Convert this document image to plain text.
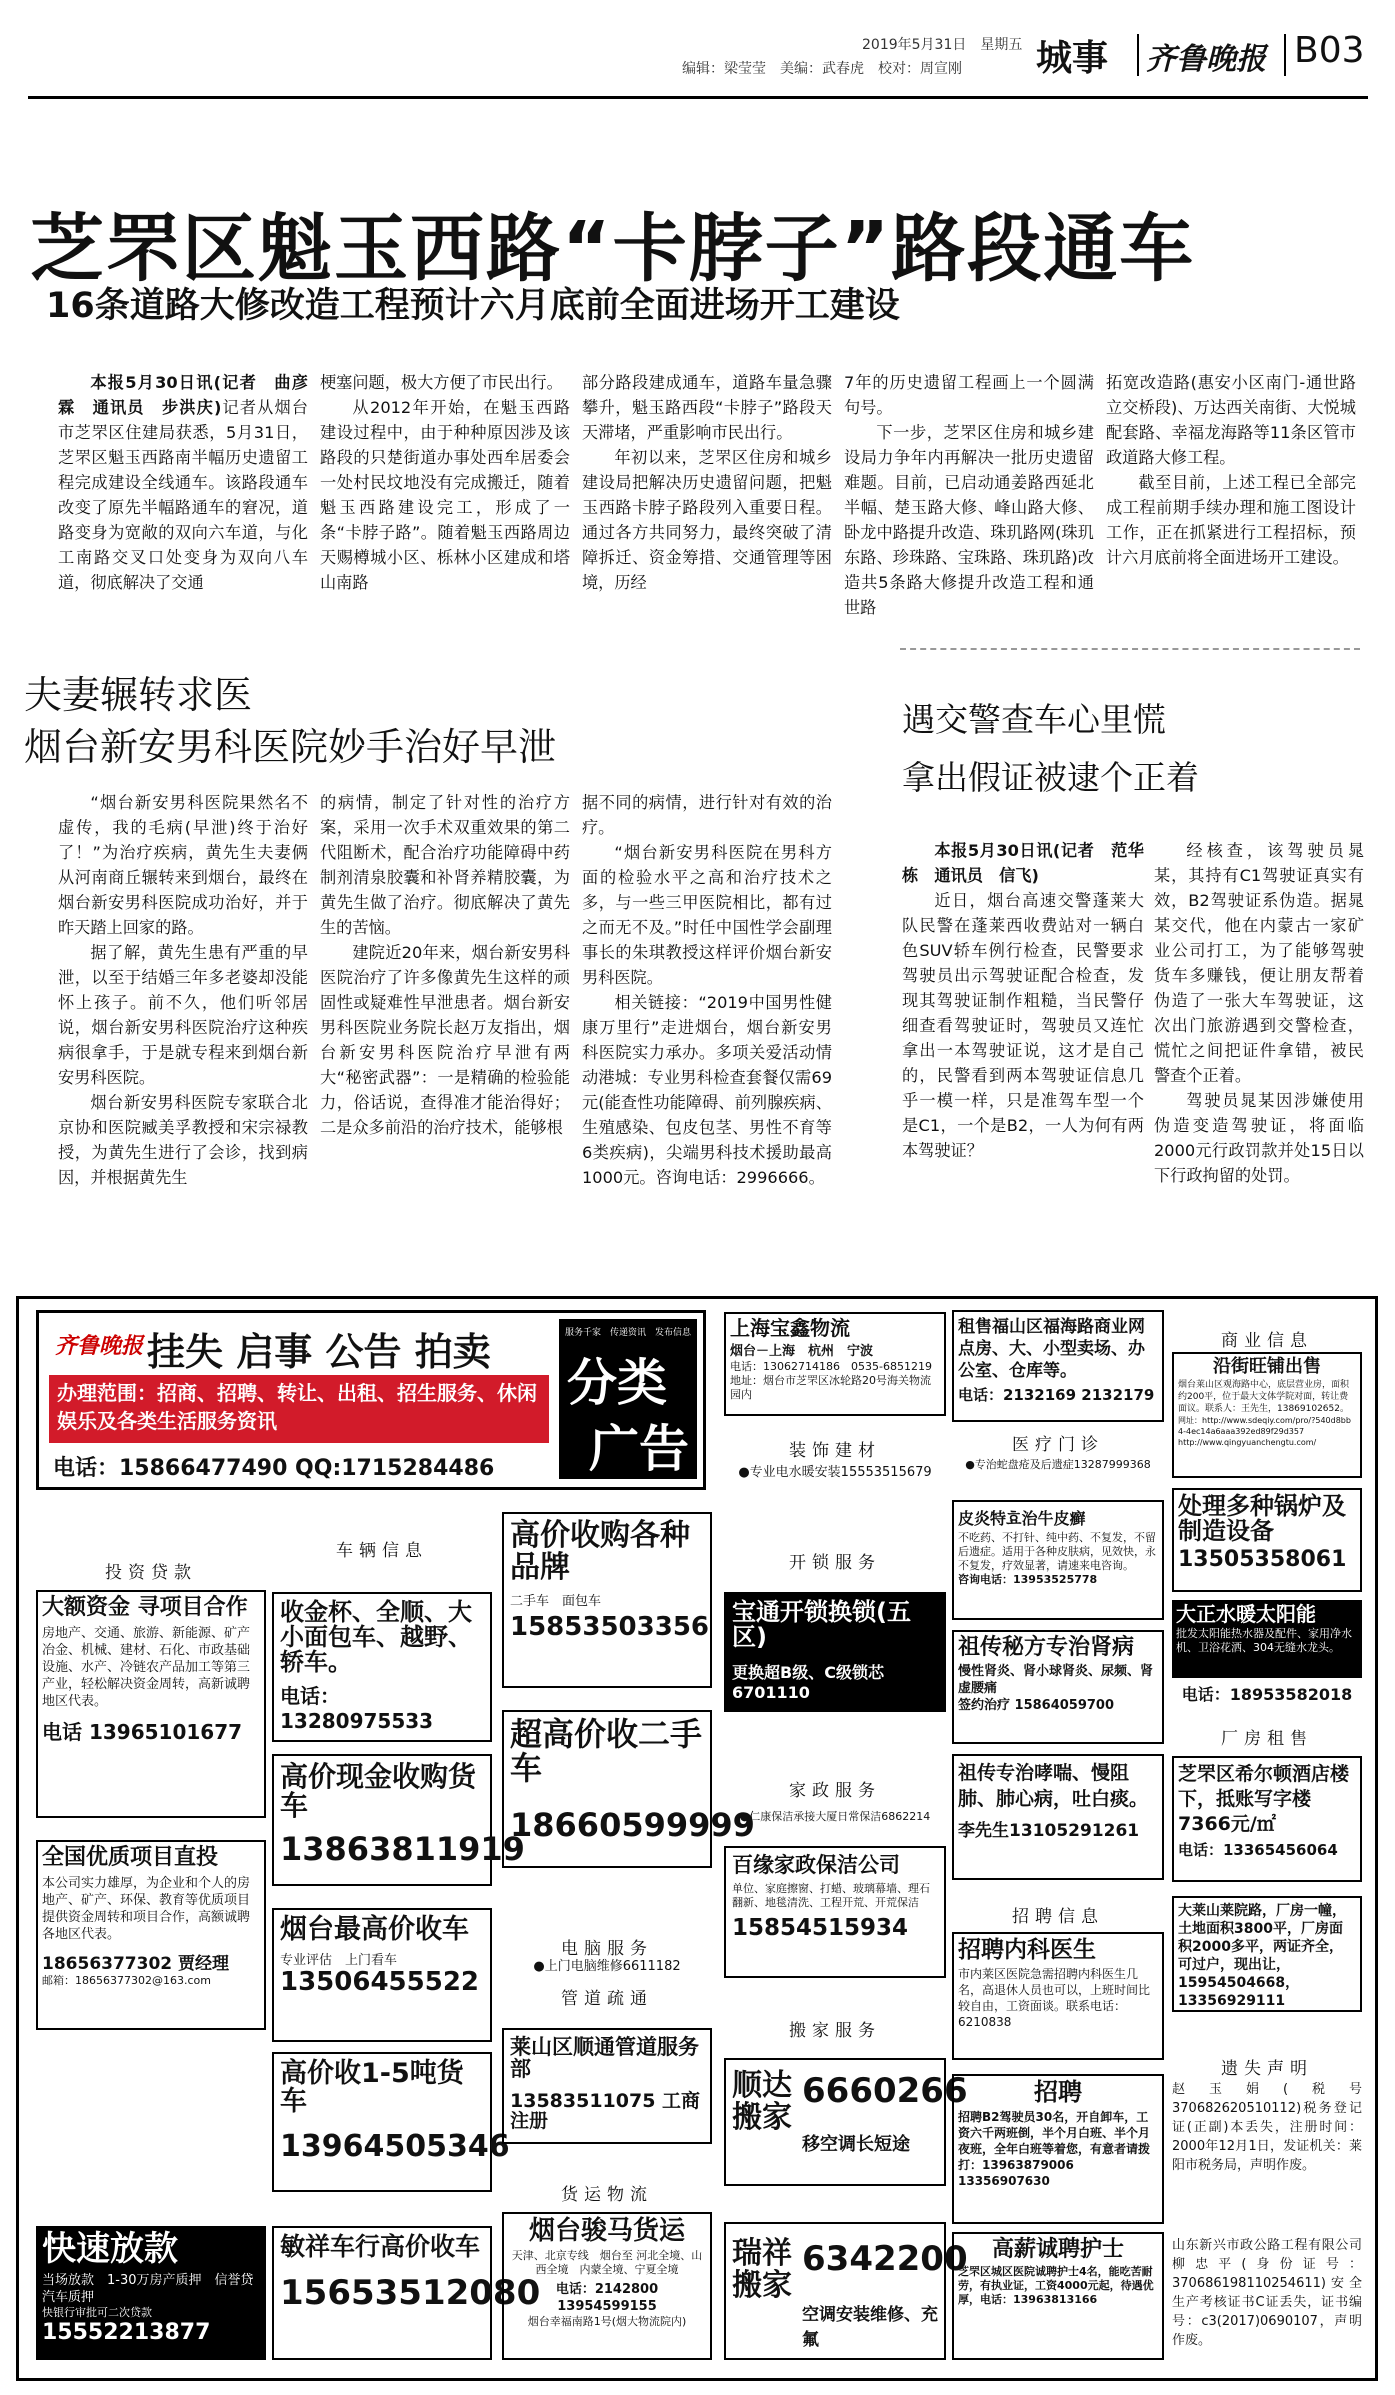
2019年5月31日　星期五
编辑：梁莹莹　美编：武春虎　校对：周宣刚 城事 齐鲁晚报 B03
芝罘区魁玉西路“卡脖子”路段通车
16条道路大修改造工程预计六月底前全面进场开工建设

本报5月30日讯(记者　曲彦霖　通讯员　步洪庆)记者从烟台市芝罘区住建局获悉，5月31日，芝罘区魁玉西路南半幅历史遗留工程完成建设全线通车。该路段通车改变了原先半幅路通车的窘况，道路变身为宽敞的双向六车道，与化工南路交叉口处变身为双向八车道，彻底解决了交通

梗塞问题，极大方便了市民出行。

从2012年开始，在魁玉西路建设过程中，由于种种原因涉及该路段的只楚街道办事处西牟居委会一处村民坟地没有完成搬迁，随着魁玉西路建设完工，形成了一条“卡脖子路”。随着魁玉西路周边天赐樽城小区、栎林小区建成和塔山南路

部分路段建成通车，道路车量急骤攀升，魁玉路西段“卡脖子”路段天天滞堵，严重影响市民出行。

年初以来，芝罘区住房和城乡建设局把解决历史遗留问题，把魁玉西路卡脖子路段列入重要日程。通过各方共同努力，最终突破了清障拆迁、资金筹措、交通管理等困境，历经

7年的历史遗留工程画上一个圆满句号。

下一步，芝罘区住房和城乡建设局力争年内再解决一批历史遗留难题。目前，已启动通姜路西延北半幅、楚玉路大修、峰山路大修、卧龙中路提升改造、珠玑路网(珠玑东路、珍珠路、宝珠路、珠玑路)改造共5条路大修提升改造工程和通世路

拓宽改造路(惠安小区南门-通世路立交桥段)、万达西关南街、大悦城配套路、幸福龙海路等11条区管市政道路大修工程。

截至目前，上述工程已全部完成工程前期手续办理和施工图设计工作，正在抓紧进行工程招标，预计六月底前将全面进场开工建设。

夫妻辗转求医
烟台新安男科医院妙手治好早泄

“烟台新安男科医院果然名不虚传，我的毛病(早泄)终于治好了！”为治疗疾病，黄先生夫妻俩从河南商丘辗转来到烟台，最终在烟台新安男科医院成功治好，并于昨天踏上回家的路。

据了解，黄先生患有严重的早泄，以至于结婚三年多老婆却没能怀上孩子。前不久，他们听邻居说，烟台新安男科医院治疗这种疾病很拿手，于是就专程来到烟台新安男科医院。

烟台新安男科医院专家联合北京协和医院臧美孚教授和宋宗禄教授，为黄先生进行了会诊，找到病因，并根据黄先生

的病情，制定了针对性的治疗方案，采用一次手术双重效果的第二代阻断术，配合治疗功能障碍中药制剂清泉胶囊和补肾养精胶囊，为黄先生做了治疗。彻底解决了黄先生的苦恼。

建院近20年来，烟台新安男科医院治疗了许多像黄先生这样的顽固性或疑难性早泄患者。烟台新安男科医院业务院长赵万友指出，烟台新安男科医院治疗早泄有两大“秘密武器”：一是精确的检验能力，俗话说，查得准才能治得好；二是众多前沿的治疗技术，能够根

据不同的病情，进行针对有效的治疗。

“烟台新安男科医院在男科方面的检验水平之高和治疗技术之多，与一些三甲医院相比，都有过之而无不及。”时任中国性学会副理事长的朱琪教授这样评价烟台新安男科医院。

相关链接：“2019中国男性健康万里行”走进烟台，烟台新安男科医院实力承办。多项关爱活动情动港城：专业男科检查套餐仅需69元(能查性功能障碍、前列腺疾病、生殖感染、包皮包茎、男性不育等6类疾病)，尖端男科技术援助最高1000元。咨询电话：2996666。

遇交警查车心里慌
拿出假证被逮个正着

本报5月30日讯(记者　范华栋　通讯员　信飞)

近日，烟台高速交警蓬莱大队民警在蓬莱西收费站对一辆白色SUV轿车例行检查，民警要求驾驶员出示驾驶证配合检查，发现其驾驶证制作粗糙，当民警仔细查看驾驶证时，驾驶员又连忙拿出一本驾驶证说，这才是自己的，民警看到两本驾驶证信息几乎一模一样，只是准驾车型一个是C1，一个是B2，一人为何有两本驾驶证？

经核查，该驾驶员晁某，其持有C1驾驶证真实有效，B2驾驶证系伪造。据晁某交代，他在内蒙古一家矿业公司打工，为了能够驾驶货车多赚钱，便让朋友帮着伪造了一张大车驾驶证，这次出门旅游遇到交警检查，慌忙之间把证件拿错，被民警查个正着。

驾驶员晁某因涉嫌使用伪造变造驾驶证，将面临2000元行政罚款并处15日以下行政拘留的处罚。

齐鲁晚报 挂失 启事 公告 拍卖
办理范围：招商、招聘、转让、出租、招生服务、休闲娱乐及各类生活服务资讯
电话：15866477490 QQ:1715284486
服务千家　传递资讯　发布信息
分类
广告
投资贷款
大额资金 寻项目合作
房地产、交通、旅游、新能源、矿产冶金、机械、建材、石化、市政基础设施、水产、冷链农产品加工等第三产业，轻松解决资金周转，高新诚聘地区代表。
电话 13965101677
全国优质项目直投
本公司实力雄厚，为企业和个人的房地产、矿产、环保、教育等优质项目提供资金周转和项目合作，高额诚聘各地区代表。
18656377302 贾经理
邮箱：18656377302@163.com
快速放款
当场放款　1-30万房产质押　信誉贷汽车质押
快银行审批可二次贷款
15552213877
车辆信息
收金杯、全顺、大小面包车、越野、轿车。
电话：13280975533
高价现金收购货车
13863811919
烟台最高价收车
专业评估　上门看车
13506455522
高价收1-5吨货车
13964505346
敏祥车行高价收车
15653512080
高价收购各种品牌
二手车　面包车
15853503356
超高价收二手车
18660599999
电脑服务
●上门电脑维修6611182
管道疏通
莱山区顺通管道服务部
13583511075 工商注册
货运物流
烟台骏马货运
天津、北京专线　烟台至 河北全境、山西全境　内蒙全境、宁夏全境
电话：2142800　13954599155
烟台幸福南路1号(烟大物流院内)
上海宝鑫物流
烟台－上海　杭州　宁波
电话：13062714186　0535-6851219
地址：烟台市芝罘区冰轮路20号海关物流园内
装饰建材
●专业电水暖安装15553515679
开锁服务
宝通开锁换锁(五区)
更换超B级、C级锁芯6701110
家政服务
●仁康保洁承接大厦日常保洁6862214
百缘家政保洁公司
单位、家庭擦窗、打蜡、玻璃幕墙、理石翻新、地毯清洗、工程开荒、开荒保洁
15854515934
搬家服务
顺达搬家
6660266
移空调长短途
瑞祥搬家
6342200
空调安装维修、充氟
租售福山区福海路商业网点房、大、小型卖场、办公室、仓库等。
电话：2132169 2132179
医疗门诊
●专治蛇盘疮及后遗症13287999368
皮炎特효治牛皮癣
不吃药、不打针、纯中药、不复发，不留后遗症。适用于各种皮肤病，见效快，永不复发，疗效显著，请速来电咨询。
咨询电话：13953525778
祖传秘方专治肾病
慢性肾炎、肾小球肾炎、尿频、肾虚腰痛
签约治疗 15864059700
祖传专治哮喘、慢阻肺、肺心病，吐白痰。
李先生13105291261
招聘信息
招聘内科医生
市内莱区医院急需招聘内科医生几名，高退休人员也可以，上班时间比较自由，工资面谈。联系电话：6210838
招聘
招聘B2驾驶员30名，开自卸车，工资六千两班倒，半个月白班、半个月夜班，全年白班等着您，有意者请拨打：13963879006 13356907630
高薪诚聘护士
芝罘区城区医院诚聘护士4名，能吃苦耐劳，有执业证，工资4000元起，待遇优厚，电话：13963813166
商业信息
沿街旺铺出售
烟台莱山区观海路中心，底层营业房，面积约200平，位于最大文体学院对面，转让费面议。联系人：王先生，13869102652。
网址：http://www.sdeqiy.com/pro/?540d8bb4-4ec14a6aaa392ed89f29d357
http://www.qingyuanchengtu.com/
处理多种锅炉及制造设备
13505358061
大正水暖太阳能
批发太阳能热水器及配件、家用净水机、卫浴花洒、304无缝水龙头。
电话：18953582018
厂房租售
芝罘区希尔顿酒店楼下，抵账写字楼7366元/㎡
电话：13365456064
大莱山莱院路，厂房一幢，土地面积3800平，厂房面积2000多平，两证齐全，可过户，现出让，15954504668，13356929111
遗失声明
赵玉娟(税号370682620510112)税务登记证(正副)本丢失，注册时间：2000年12月1日，发证机关：莱阳市税务局，声明作废。
山东新兴市政公路工程有限公司柳忠平(身份证号：370686198110254611)安全生产考核证书C证丢失，证书编号：c3(2017)0690107，声明作废。
